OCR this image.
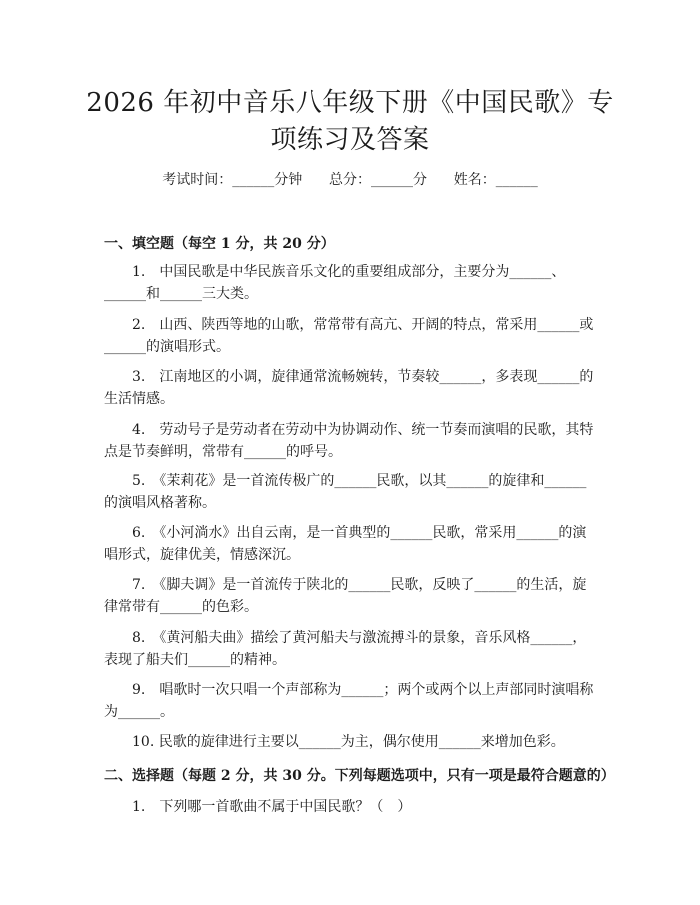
2026 年初中音乐八年级下册《中国民歌》专
项练习及答案
考试时间：______分钟      总分：______分      姓名：______
一、填空题（每空 1 分，共 20 分）
1.　中国民歌是中华民族音乐文化的重要组成部分，主要分为______、______和______三大类。
2.　山西、陕西等地的山歌，常常带有高亢、开阔的特点，常采用______或______的演唱形式。
3.　江南地区的小调，旋律通常流畅婉转，节奏较______，多表现______的生活情感。
4.　劳动号子是劳动者在劳动中为协调动作、统一节奏而演唱的民歌，其特点是节奏鲜明，常带有______的呼号。
5.　《茉莉花》是一首流传极广的______民歌，以其______的旋律和______的演唱风格著称。
6.　《小河淌水》出自云南，是一首典型的______民歌，常采用______的演唱形式，旋律优美，情感深沉。
7.　《脚夫调》是一首流传于陕北的______民歌，反映了______的生活，旋律常带有______的色彩。
8.　《黄河船夫曲》描绘了黄河船夫与激流搏斗的景象，音乐风格______，表现了船夫们______的精神。
9.　唱歌时一次只唱一个声部称为______；两个或两个以上声部同时演唱称为______。
10. 民歌的旋律进行主要以______为主，偶尔使用______来增加色彩。
二、选择题（每题 2 分，共 30 分。下列每题选项中，只有一项是最符合题意的）
1.　下列哪一首歌曲不属于中国民歌？（　）
